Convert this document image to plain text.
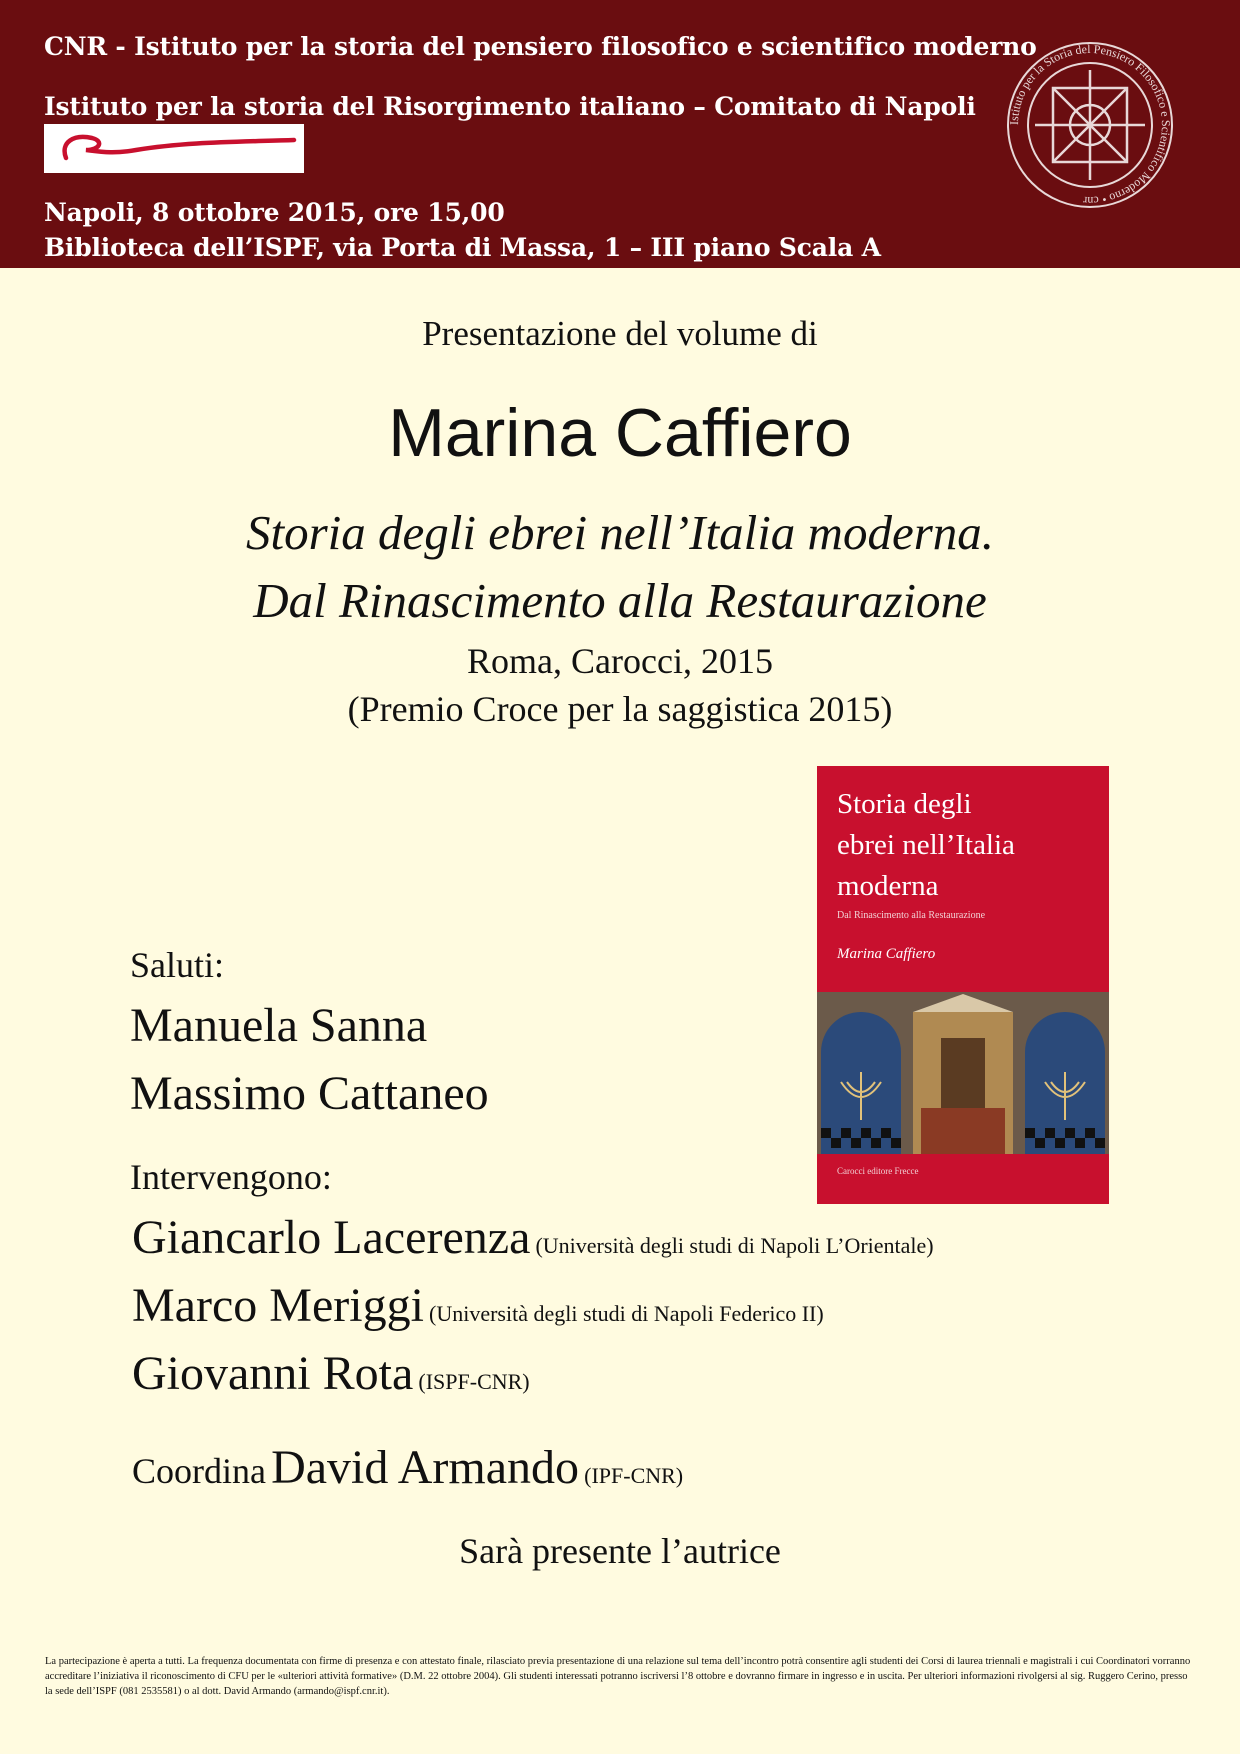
CNR - Istituto per la storia del pensiero filosofico e scientifico moderno
Istituto per la storia del Risorgimento italiano – Comitato di Napoli
Napoli, 8 ottobre 2015, ore 15,00
Biblioteca dell’ISPF, via Porta di Massa, 1 – III piano Scala A
Istituto per la Storia del Pensiero Filosofico e Scientifico Moderno • cnr
Presentazione del volume di
Marina Caffiero
Storia degli ebrei nell’Italia moderna.
Dal Rinascimento alla Restaurazione
Roma, Carocci, 2015
(Premio Croce per la saggistica 2015)
Storia degli
ebrei nell’Italia
moderna
Dal Rinascimento alla Restaurazione
Marina Caffiero
Carocci editore Frecce
Saluti:
Manuela Sanna
Massimo Cattaneo
Intervengono:
Giancarlo Lacerenza (Università degli studi di Napoli L’Orientale)
Marco Meriggi (Università degli studi di Napoli Federico II)
Giovanni Rota (ISPF-CNR)
Coordina David Armando (IPF-CNR)
Sarà presente l’autrice
La partecipazione è aperta a tutti. La frequenza documentata con firme di presenza e con attestato finale, rilasciato previa presentazione di una relazione sul tema dell’incontro potrà consentire agli studenti dei Corsi di laurea triennali e magistrali i cui Coordinatori vorranno accreditare l’iniziativa il riconoscimento di CFU per le «ulteriori attività formative» (D.M. 22 ottobre 2004). Gli studenti interessati potranno iscriversi l’8 ottobre e dovranno firmare in ingresso e in uscita. Per ulteriori informazioni rivolgersi al sig. Ruggero Cerino, presso la sede dell’ISPF (081 2535581) o al dott. David Armando (armando@ispf.cnr.it).
